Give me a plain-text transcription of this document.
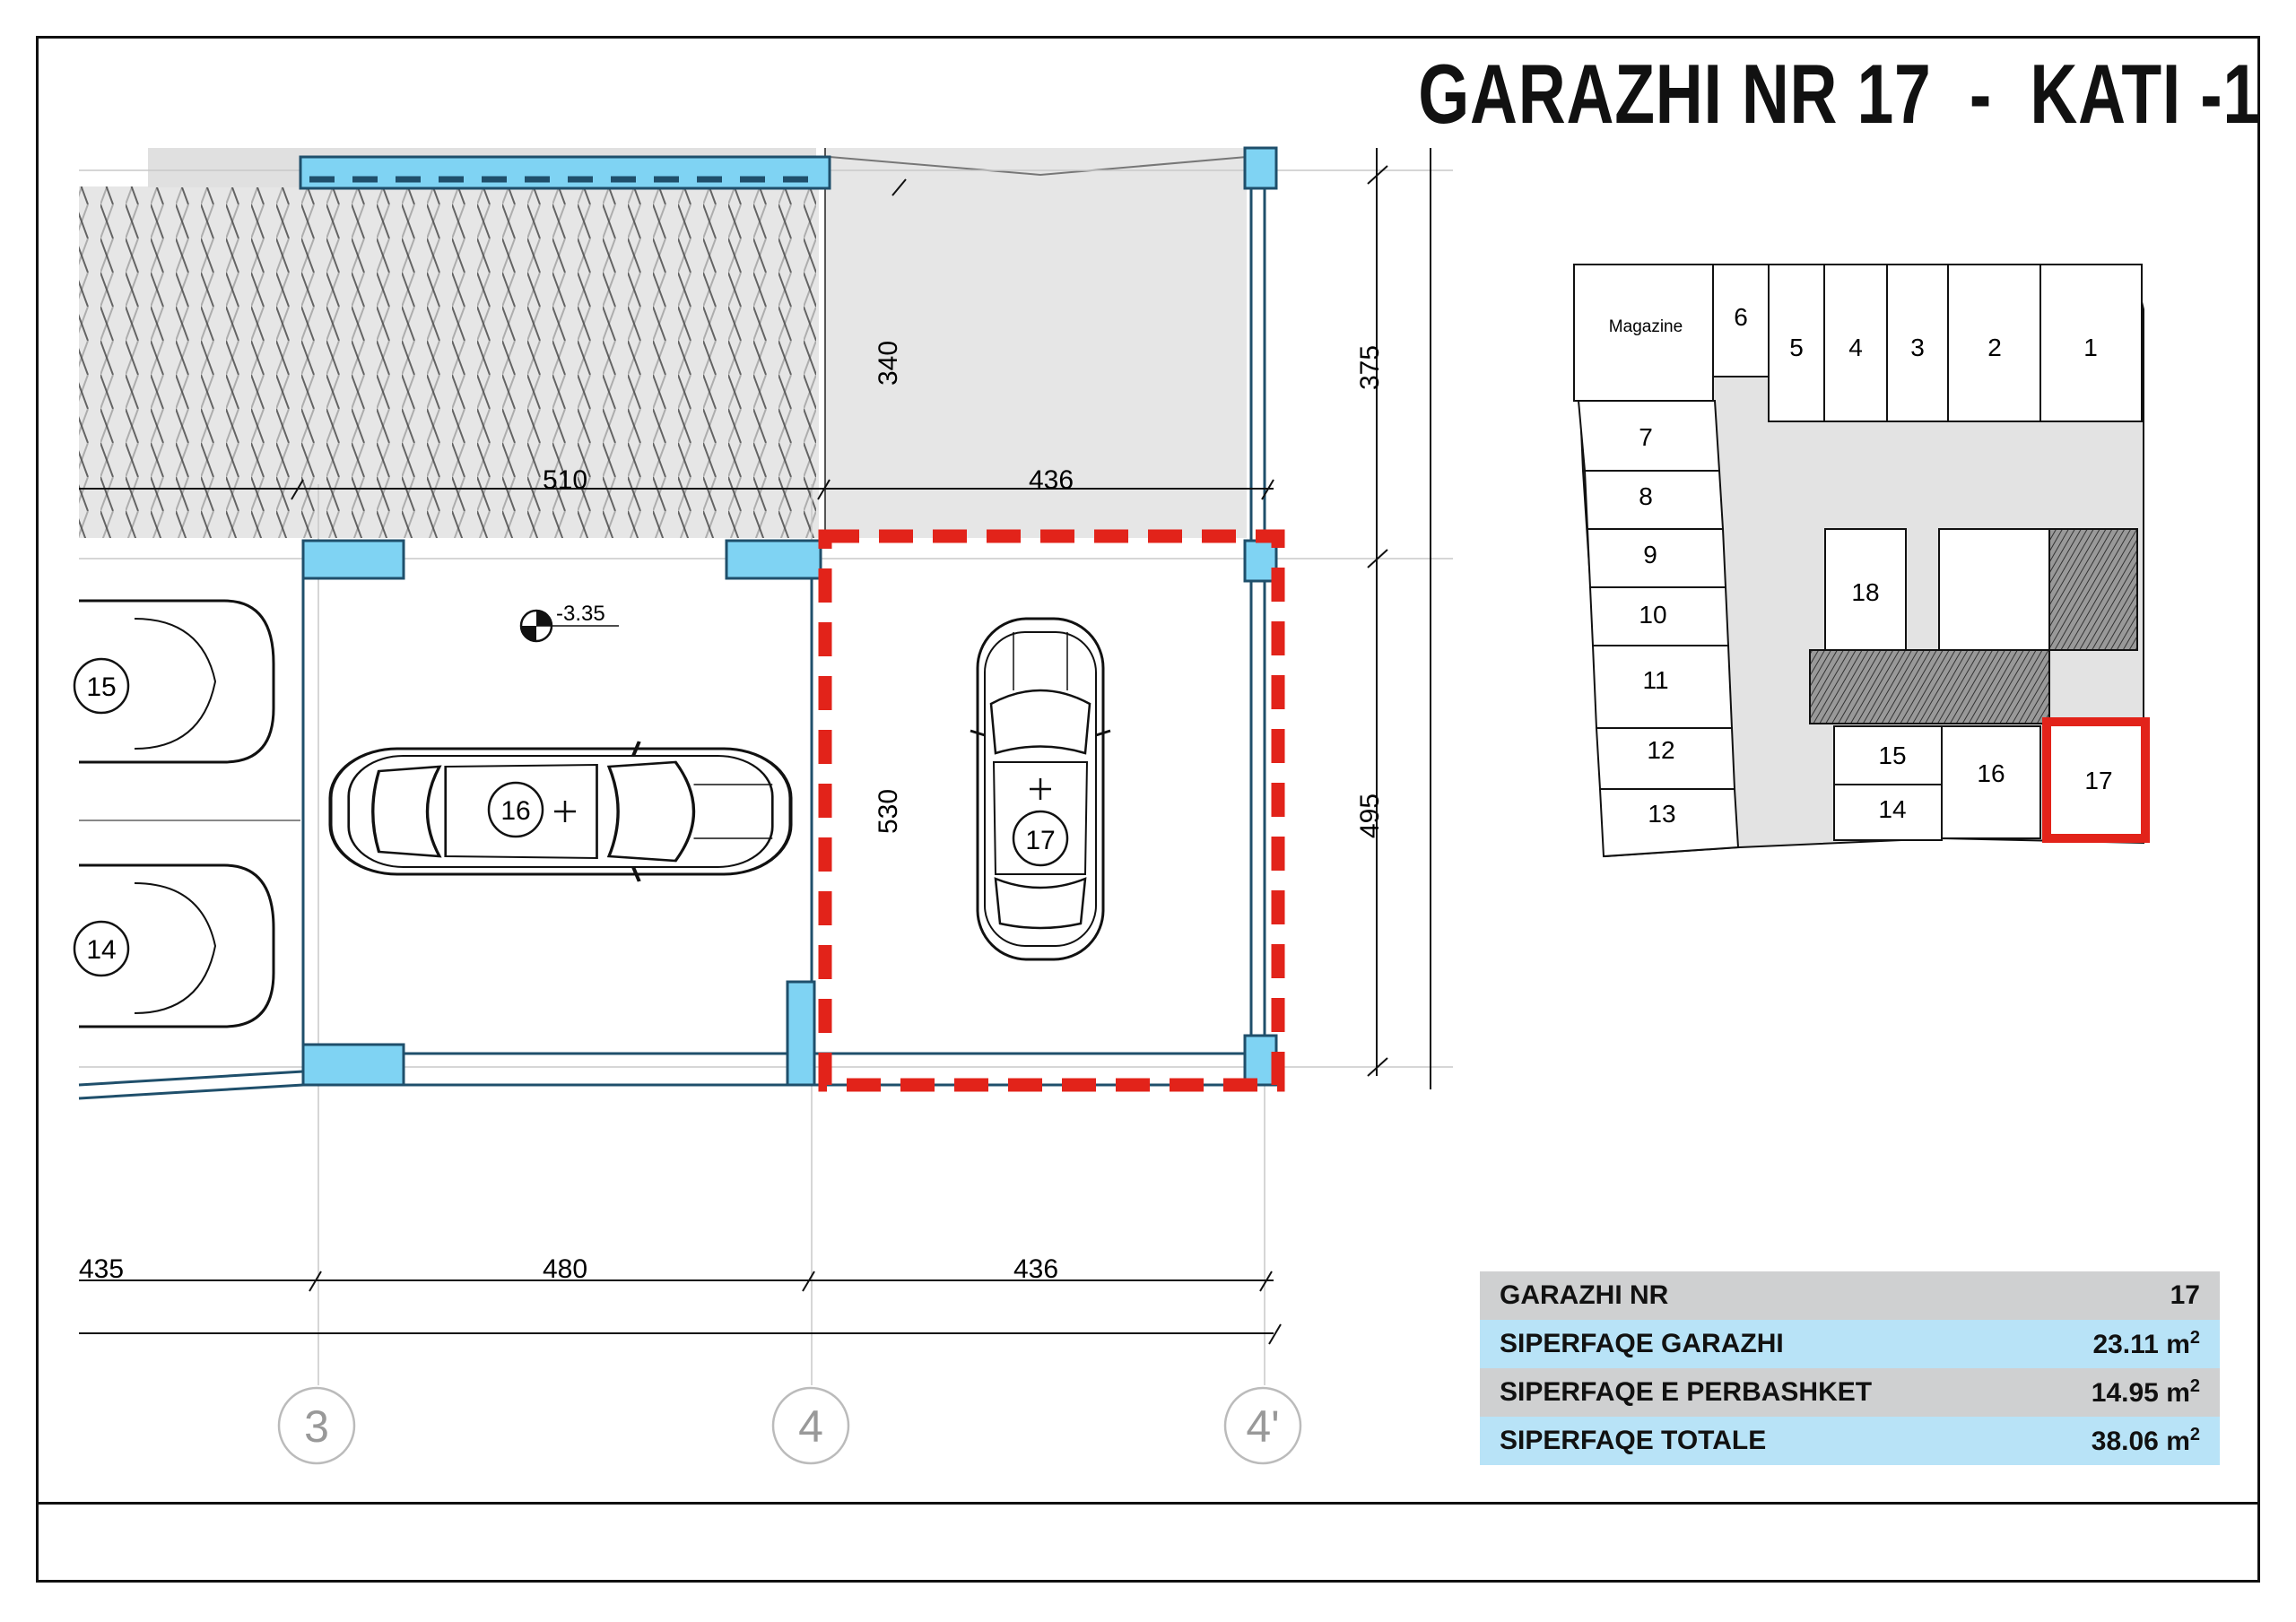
GARAZHI NR 17  -  KATI -1
17
16
15
14
-3.35
510	436
340	375
530	495
435	480	436
3	4	4'
Magazine 6
5 4 3	2	1
7
8
9
10
11
12
13
18
15
14
16	17
GARAZHI NR	17
SIPERFAQE GARAZHI	23.11 $m^2$
SIPERFAQE E PERBASHKET	14.95 $m^2$
SIPERFAQE TOTALE	38.06 $m^2$
